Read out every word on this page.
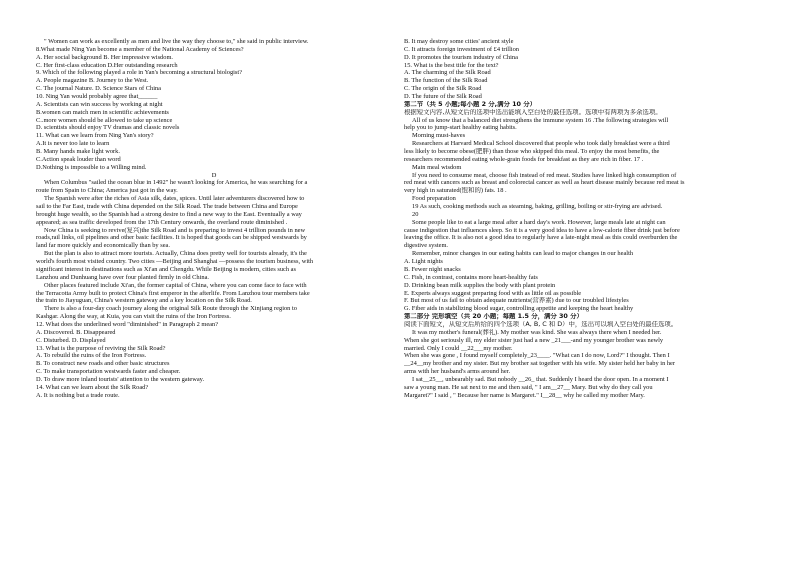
" Women can work as excellently as men and live the way they choose to," she said in public interview.
8.What made Ning Yan become a member of the National Academy of Sciences?
A. Her social background B. Her impressive wisdom.
C. Her first-class education D.Her outstanding research
9. Which of the following played a role in Yan's becoming a structural biologist?
A. People magazine B. Journey to the West.
C. The journal Nature. D. Science Stars of China
10. Ning Yan would probably agree that______
A. Scientists can win success by working at night
B.women can match men in scientific achievements
C..more women should be allowed to take up science
D. scientists should enjoy TV dramas and classic novels
11. What can we learn from Ning Yan's story?
A.It is never too late to learn
B. Many hands make light work.
C.Action speak louder than word
D.Nothing is impossible to a Willing mind.
D
When Columbus "sailed the ocean blue in 1492" he wasn't looking for America, he was searching for a
route from Spain to China; America just got in the way.
The Spanish were after the riches of Asia silk, dates, spices. Until later adventurers discovered how to
sail to the Far East, trade with China depended on the Silk Road. The trade between China and Europe
brought huge wealth, so the Spanish had a strong desire to find a new way to the East. Eventually a way
appeared; as sea traffic developed from the 17th Century onwards, the overland route diminished .
Now China is seeking to revive(复兴)the Silk Road and is preparing to invest 4 trillion pounds in new
roads,rail links, oil pipelines and other basic facilities. It is hoped that goods can be shipped westwards by
land far more quickly and economically than by sea.
But the plan is also to attract more tourists. Actually, China does pretty well for tourists already, it's the
world's fourth most visited country. Two cities —Beijing and Shanghai —possess the tourism business, with
significant interest in destinations such as Xi'an and Chengdu. While Beijing is modern, cities such as
Lanzhou and Dunhuang have over four planted firmly in old China.
Other places featured include Xi'an, the former capital of China, where you can come face to face with
the Terracotta Army built to protect China's first emperor in the afterlife. From Lanzhou tour members take
the train to Jiayuguan, China's western gateway and a key location on the Silk Road.
There is also a four-day coach journey along the original Silk Route through the Xinjiang region to
Kashgar. Along the way, at Kuia, you can visit the ruins of the Iron Fortress.
12. What does the underlined word "diminished" in Paragraph 2 mean?
A. Discovered. B. Disappeared
C. Disturbed. D. Displayed
13. What is the purpose of reviving the Silk Road?
A. To rebuild the ruins of the Iron Fortress.
B. To construct new roads and other basic structures
C. To make transportation westwards faster and cheaper.
D. To draw more inland tourists' attention to the western gateway.
14. What can we learn about the Silk Road?
A. It is nothing but a trade route.
B. It may destroy some cities' ancient style
C. It attracts foreign investment of £4 trillion
D. It promotes the tourism industry of China
15. What is the best title for the text?
A. The charming of the Silk Road
B. The function of the Silk Road
C. The origin of the Silk Road
D. The future of the Silk Road
第二节（共 5 小题;每小题 2 分,满分 10 分）
根据短文内容,从短文后的选项中选出能填入空白处的最佳选项。选项中有两项为多余选项。
All of us know that a balanced diet strengthens the immune system 16 .The following strategies will
help you to jump-start healthy eating habits.
Morning must-haves
Researchers at Harvard Medical School discovered that people who took daily breakfast were a third
less likely to become obese(肥胖) than those who skipped this meal. To enjoy the most benefits, the
researchers recommended eating whole-grain foods for breakfast as they are rich in fiber. 17 .
Main meal wisdom
If you need to consume meat, choose fish instead of red meat. Studies have linked high consumption of
red meat with cancers such as breast and colorectal cancer as well as heart disease mainly because red meat is
very high in saturated(饱和的) fats. 18 .
Food preparation
19 As such, cooking methods such as steaming, baking, grilling, boiling or stir-frying are advised.
20
Some people like to eat a large meal after a hard day's work. However, large meals late at night can
cause indigestion that influences sleep. So it is a very good idea to have a low-calorie fiber drink just before
leaving the office. It is also not a good idea to regularly have a late-night meal as this could overburden the
digestive system.
Remember, minor changes in our eating habits can lead to major changes in our health
A. Light nights
B. Fewer night snacks
C. Fish, in contrast, contains more heart-healthy fats
D. Drinking bean milk supplies the body with plant protein
E. Experts always suggest preparing food with as little oil as possible
F. But most of us fail to obtain adequate nutrients(营养素) due to our troubled lifestyles
G. Fiber aids in stabilizing blood sugar, controlling appetite and keeping the heart healthy
第二部分 完形填空（共 20 小题；每题 1.5 分，满分 30 分）
阅读下面短文，从短文后所给的四个选项（A, B, C 和 D）中，选出可以填入空白处的最佳选项。
It was my mother's funeral(葬礼). My mother was kind. She was always there when I needed her.
When she got seriously ill, my elder sister just had a new _21___-and my younger brother was newly
married. Only I could __22___my mother.
When she was gone , I found myself completely_23____. "What can I do now, Lord?" I thought. Then I
__24__my brother and my sister. But my brother sat together with his wife. My sister held her baby in her
arms with her husband's arms around her.
I sat__25__, unbearably sad. But nobody __26_ that. Suddenly I heard the door open. In a moment I
saw a young man. He sat next to me and then said, " I am__27__ Mary. But why do they call you
Margaret?" I said , " Because her name is Margaret." I__28__ why he called my mother Mary.
